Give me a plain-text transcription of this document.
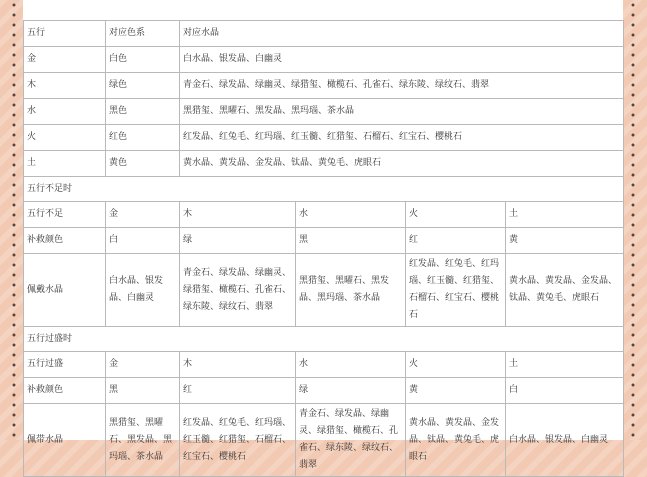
五行	对应色系	对应水晶
金	白色	白水晶、银发晶、白幽灵
木	绿色	青金石、绿发晶、绿幽灵、绿猎玺、橄榄石、孔雀石、绿东陵、绿纹石、翡翠
水	黑色	黑猎玺、黑曜石、黑发晶、黑玛瑙、茶水晶
火	红色	红发晶、红兔毛、红玛瑙、红玉髓、红猎玺、石榴石、红宝石、樱桃石
土	黄色	黄水晶、黄发晶、金发晶、钛晶、黄兔毛、虎眼石
五行不足时					
五行不足	金	木	水	火	土
补救颜色	白	绿	黑	红	黄
佩戴水晶	白水晶、银发晶、白幽灵	青金石、绿发晶、绿幽灵、绿猎玺、橄榄石、孔雀石、绿东陵、绿纹石、翡翠	黑猎玺、黑曜石、黑发晶、黑玛瑙、茶水晶	红发晶、红兔毛、红玛瑙、红玉髓、红猎玺、石榴石、红宝石、樱桃石	黄水晶、黄发晶、金发晶、钛晶、黄兔毛、虎眼石
五行过盛时					
五行过盛	金	木	水	火	土
补救颜色	黑	红	绿	黄	白
佩带水晶	黑猎玺、黑曜石、黑发晶、黑玛瑙、茶水晶	红发晶、红兔毛、红玛瑙、红玉髓、红猎玺、石榴石、红宝石、樱桃石	青金石、绿发晶、绿幽灵、绿猎玺、橄榄石、孔雀石、绿东陵、绿纹石、翡翠	黄水晶、黄发晶、金发晶、钛晶、黄兔毛、虎眼石	白水晶、银发晶、白幽灵
